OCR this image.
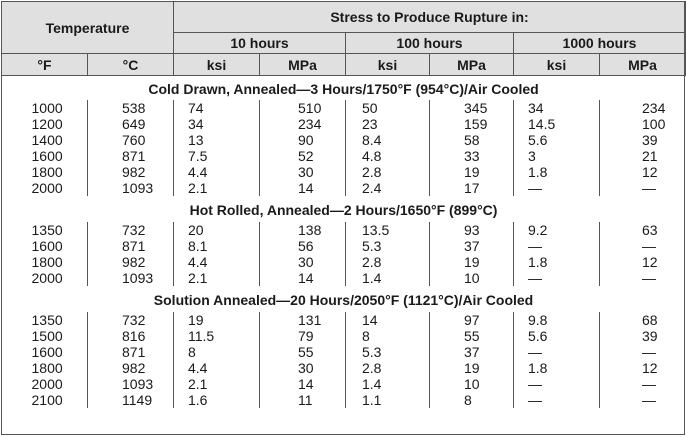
Temperature		Stress to Produce Rupture in:					
		10 hours		100 hours		1000 hours	
°F	°C	ksi	MPa	ksi	MPa	ksi	MPa
Cold Drawn, Annealed—3 Hours/1750°F (954°C)/Air Cooled							
1000	538	74	510	50	345	34	234
1200	649	34	234	23	159	14.5	100
1400	760	13	90	8.4	58	5.6	39
1600	871	7.5	52	4.8	33	3	21
1800	982	4.4	30	2.8	19	1.8	12
2000	1093	2.1	14	2.4	17	—	—
Hot Rolled, Annealed—2 Hours/1650°F (899°C)							
1350	732	20	138	13.5	93	9.2	63
1600	871	8.1	56	5.3	37	—	—
1800	982	4.4	30	2.8	19	1.8	12
2000	1093	2.1	14	1.4	10	—	—
Solution Annealed—20 Hours/2050°F (1121°C)/Air Cooled							
1350	732	19	131	14	97	9.8	68
1500	816	11.5	79	8	55	5.6	39
1600	871	8	55	5.3	37	—	—
1800	982	4.4	30	2.8	19	1.8	12
2000	1093	2.1	14	1.4	10	—	—
2100	1149	1.6	11	1.1	8	—	—
